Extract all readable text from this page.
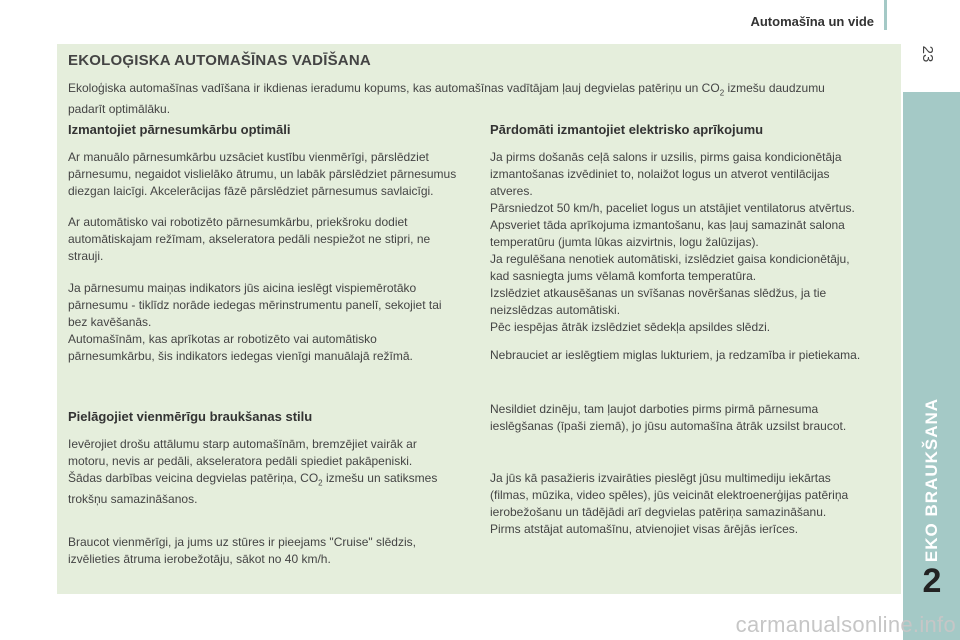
Automašīna un vide
23
EKO BRAUKŠANA
2
EKOLOĢISKA AUTOMAŠĪNAS VADĪŠANA
Ekoloģiska automašīnas vadīšana ir ikdienas ieradumu kopums, kas automašīnas vadītājam ļauj degvielas patēriņu un $CO_2$ izmešu daudzumu
padarīt optimālāku.
Izmantojiet pārnesumkārbu optimāli
Ar manuālo pārnesumkārbu uzsāciet kustību vienmērīgi, pārslēdziet
pārnesumu, negaidot vislielāko ātrumu, un labāk pārslēdziet pārnesumus
diezgan laicīgi. Akcelerācijas fāzē pārslēdziet pārnesumus savlaicīgi.
Ar automātisko vai robotizēto pārnesumkārbu, priekšroku dodiet
automātiskajam režīmam, akseleratora pedāli nespiežot ne stipri, ne
strauji.
Ja pārnesumu maiņas indikators jūs aicina ieslēgt vispiemērotāko
pārnesumu - tiklīdz norāde iedegas mērinstrumentu panelī, sekojiet tai
bez kavēšanās.
Automašīnām, kas aprīkotas ar robotizēto vai automātisko
pārnesumkārbu, šis indikators iedegas vienīgi manuālajā režīmā.
Pielāgojiet vienmērīgu braukšanas stilu
Ievērojiet drošu attālumu starp automašīnām, bremzējiet vairāk ar
motoru, nevis ar pedāli, akseleratora pedāli spiediet pakāpeniski.
Šādas darbības veicina degvielas patēriņa, $CO_2$ izmešu un satiksmes
trokšņu samazināšanos.
Braucot vienmērīgi, ja jums uz stūres ir pieejams "Cruise" slēdzis,
izvēlieties ātruma ierobežotāju, sākot no 40 km/h.
Pārdomāti izmantojiet elektrisko aprīkojumu
Ja pirms došanās ceļā salons ir uzsilis, pirms gaisa kondicionētāja
izmantošanas izvēdiniet to, nolaižot logus un atverot ventilācijas
atveres.
Pārsniedzot 50 km/h, paceliet logus un atstājiet ventilatorus atvērtus.
Apsveriet tāda aprīkojuma izmantošanu, kas ļauj samazināt salona
temperatūru (jumta lūkas aizvirtnis, logu žalūzijas).
Ja regulēšana nenotiek automātiski, izslēdziet gaisa kondicionētāju,
kad sasniegta jums vēlamā komforta temperatūra.
Izslēdziet atkausēšanas un svīšanas novēršanas slēdžus, ja tie
neizslēdzas automātiski.
Pēc iespējas ātrāk izslēdziet sēdekļa apsildes slēdzi.
Nebrauciet ar ieslēgtiem miglas lukturiem, ja redzamība ir pietiekama.
Nesildiet dzinēju, tam ļaujot darboties pirms pirmā pārnesuma
ieslēgšanas (īpaši ziemā), jo jūsu automašīna ātrāk uzsilst braucot.
Ja jūs kā pasažieris izvairāties pieslēgt jūsu multimediju iekārtas
(filmas, mūzika, video spēles), jūs veicināt elektroenerģijas patēriņa
ierobežošanu un tādējādi arī degvielas patēriņa samazināšanu.
Pirms atstājat automašīnu, atvienojiet visas ārējās ierīces.
carmanualsonline.info
